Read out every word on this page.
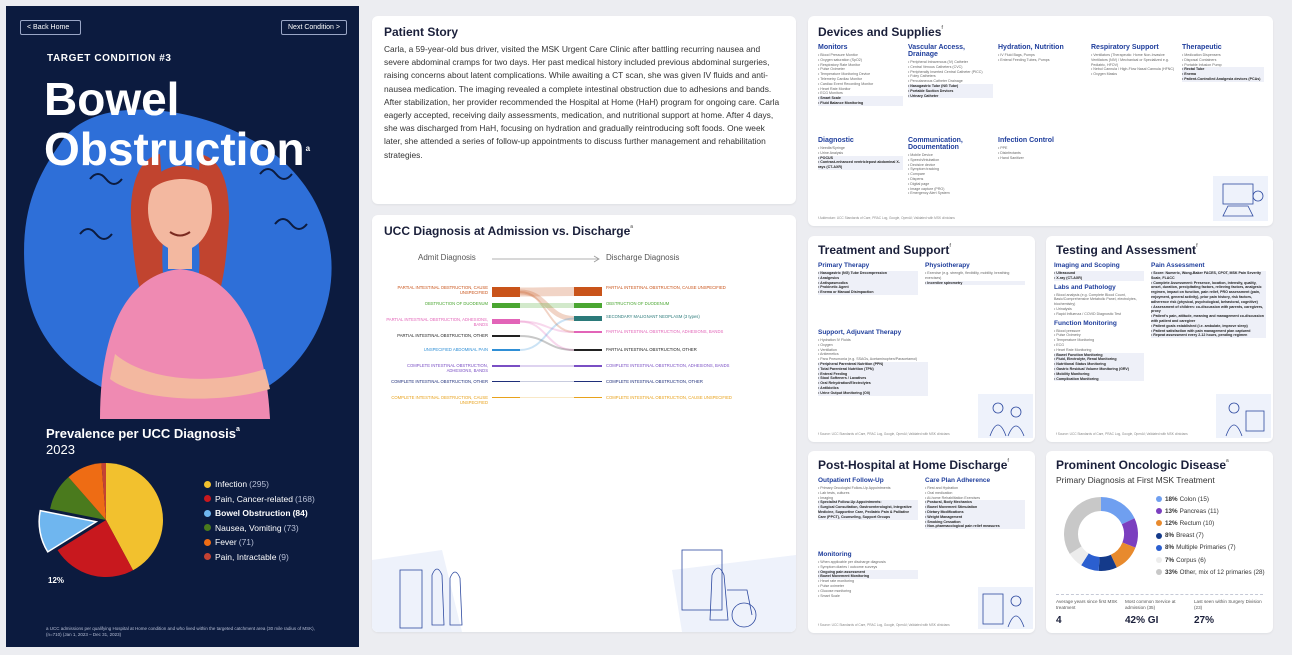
< Back Home	Next Condition >
TARGET CONDITION #3
Bowel
Obstruction$^a$
Prevalence per UCC Diagnosis$^a$
2023
12%
Infection (295)
Pain, Cancer-related (168)
Bowel Obstruction (84)
Nausea, Vomiting (73)
Fever (71)
Pain, Intractable (9)
a UCC admissions per qualifying Hospital at Home condition and who lived within the targeted catchment area (30 mile radius of MSK), (n=710) (Jan 1, 2023 – Dec 31, 2023)
Patient Story

Carla, a 59-year-old bus driver, visited the MSK Urgent Care Clinic after battling recurring nausea and severe abdominal cramps for two days. Her past medical history included previous abdominal surgeries, raising concerns about latent complications. While awaiting a CT scan, she was given IV fluids and anti-nausea medication. The imaging revealed a complete intestinal obstruction due to adhesions and bands.

After stabilization, her provider recommended the Hospital at Home (HaH) program for ongoing care. Carla eagerly accepted, receiving daily assessments, medication, and nutritional support at home. After 4 days, she was discharged from HaH, focusing on hydration and gradually reintroducing soft foods. One week later, she attended a series of follow-up appointments to discuss further management and rehabilitation strategies.

UCC Diagnosis at Admission vs. Discharge$^a$
Admit Diagnosis	Discharge Diagnosis
PARTIAL INTESTINAL OBSTRUCTION, CAUSE UNSPECIFIED
OBSTRUCTION OF DUODENUM
PARTIAL INTESTINAL OBSTRUCTION, ADHESIONS, BANDS
PARTIAL INTESTINAL OBSTRUCTION, OTHER
UNSPECIFIED ABDOMINAL PAIN
COMPLETE INTESTINAL OBSTRUCTION, ADHESIONS, BANDS
COMPLETE INTESTINAL OBSTRUCTION, OTHER
COMPLETE INTESTINAL OBSTRUCTION, CAUSE UNSPECIFIED
PARTIAL INTESTINAL OBSTRUCTION, CAUSE UNSPECIFIED
OBSTRUCTION OF DUODENUM
SECONDARY MALIGNANT NEOPLASM (3 types)
PARTIAL INTESTINAL OBSTRUCTION, ADHESIONS, BANDS
PARTIAL INTESTINAL OBSTRUCTION, OTHER
COMPLETE INTESTINAL OBSTRUCTION, ADHESIONS, BANDS
COMPLETE INTESTINAL OBSTRUCTION, OTHER
COMPLETE INTESTINAL OBSTRUCTION, CAUSE UNSPECIFIED
Devices and Supplies$^f$
Monitors
• Blood Pressure Monitor
• Oxygen saturation (SpO2)
• Respiratory Rate Monitor
• Pulse Oximeter
• Temperature Monitoring Device
• Telemetry Cardiac Monitor
• Cardiac Event Recording Monitor
• Heart Rate Monitor
• ECG Monitors
• Smart Scale
• Fluid Balance Monitoring
Vascular Access, Drainage
• Peripheral Intravenous (IV) Catheter
• Central Venous Catheters (CVC)
• Peripherally Inserted Central Catheter (PICC)
• Foley Catheters
• Percutaneous Catheter Drainage
• Nasogastric Tube (NG Tube)
• Portable Suction Devices
• Urinary Catheter
Hydration, Nutrition
• IV Fluid Bags, Pumps
• Enteral Feeding Tubes, Pumps
Respiratory Support
• Ventilators (Therapeutic: Home Non-Invasive Ventilators (NIV) / Mechanical or Specialized e.g. Pediatric, HFOV)
• Nebul Cannula / High-Flow Nasal Cannula (HFNC)
• Oxygen Masks
Therapeutic
• Medication Dispensers
• Disposal Containers
• Portable Infusion Pump
• Rectal Tube
• Enema
• Patient-Controlled Analgesia devices (PCAs)
Diagnostic
• Needle/Syringe
• Urine Analysis
• POCUS
• Contrast-enhanced ventriclepost abdominal X-rays (CT-AXR)
Communication, Documentation
• Mobile Device
• Speech/Intubation
• Decisive device
• Symptom tracking
• Compare
• Dispens
• Digital page
• Image capture (PRO)
• Emergency Alert System
Infection Control
• PPE
• Disinfectants
• Hand Sanitizer
f Addendum: UCC Standards of Care, PRAC Log, Google, OpenAI; Validated with MSK clinicians
Treatment and Support$^f$
Primary Therapy
• Nasogastric (NG) Tube Decompression
• Analgesics
• Antispasmodics
• Prokinetic Agent
• Enema or Manual Disimpaction
Physiotherapy
• Exercise (e.g. strength, flexibility, mobility, breathing exercises)
• Incentive spirometry
Support, Adjuvant Therapy
• Hydration IV Fluids
• Oxygen
• Ventilation
• Antiemetics
• Para Pneumonia (e.g. SSAGs, Acetaminophen/Paracetamol)
• Peripheral Parenteral Nutrition (PPN)
• Total Parenteral Nutrition (TPN)
• Enteral Feeding
• Stool Softeners / Laxatives
• Oral Rehydration/Electrolytes
• Antibiotics
• Urine Output Monitoring (Oli)
f Source: UCC Standards of Care, PRAC Log, Google, OpenAI; Validated with MSK clinicians
Testing and Assessment$^f$
Imaging and Scoping
• Ultrasound
• X-ray (CT-AXR)
Labs and Pathology
• Blood analysis (e.g. Complete Blood Count, Basic/Comprehensive Metabolic Panel, electrolytes, biochemistry)
• Urinalysis
• Rapid Influenza / COVID Diagnostic Test
Function Monitoring
• Blood pressure
• Pulse Oximetry
• Temperature Monitoring
• ECG
• Heart Rate Monitoring
• Bowel Function Monitoring
• Fluid, Electrolyte, Renal Monitoring
• Nutritional Status Monitoring
• Gastric Residual Volume Monitoring (GRV)
• Mobility Monitoring
• Complication Monitoring
Pain Assessment
• Score: Numeric, Wong-Baker FACES, CPOT, MSK Pain Severity Scale, FLACC
• Complete Assessment: Presence, location, intensity, quality, onset, duration, precipitating factors, relieving factors, analgesic regimen, impact on function, pain relief, PRO assessment (pain, enjoyment, general activity), prior pain history, risk factors, adherence risk (physical, psychological, behavioral, cognitive)
• Assessment of children: co-discussion with parents, caregivers, proxy
• Patient's pain, attitude, meaning and management co-discussion with patient and caregiver
• Patient goals established (i.e. ambulate, improve sleep)
• Patient satisfaction with pain management plan captured
• Repeat assessment every 2-12 hours, pending regimen
f Source: UCC Standards of Care, PRAC Log, Google, OpenAI; Validated with MSK clinicians
Post-Hospital at Home Discharge$^f$
Outpatient Follow-Up
• Primary Oncologist Follow-Up Appointments
• Lab tests, cultures
• Imaging
• Specialist Follow-Up Appointments:
• Surgical Consultation, Gastroenterologist, Integrative Medicine, Supportive Care, Pediatric Pain & Palliative Care (PPCT), Counseling, Support Groups
Care Plan Adherence
• Rest and Hydration
• Oral medication
• At-home Rehabilitation Exercises
• Postural, Body Mechanics
• Bowel Movement Stimulation
• Dietary Modifications
• Weight Management
• Smoking Cessation
• Non-pharmacological pain relief measures
Monitoring
• When applicable per discharge diagnosis
• Symptom diaries / outcome surveys
• Ongoing pain assessment
• Bowel Movement Monitoring
• Heart rate monitoring
• Pulse oximeter
• Glucose monitoring
• Smart Scale
f Source: UCC Standards of Care, PRAC Log, Google, OpenAI; Validated with MSK clinicians
Prominent Oncologic Disease$^a$
Primary Diagnosis at First MSK Treatment
18% Colon (15)
13% Pancreas (11)
12% Rectum (10)
8% Breast (7)
8% Multiple Primaries (7)
7% Corpus (6)
33% Other, mix of 12 primaries (28)
Average years since first MSK treatment
4
Most common Service at admission (35)
42% GI
Last seen within Surgery Division (23)
27%
